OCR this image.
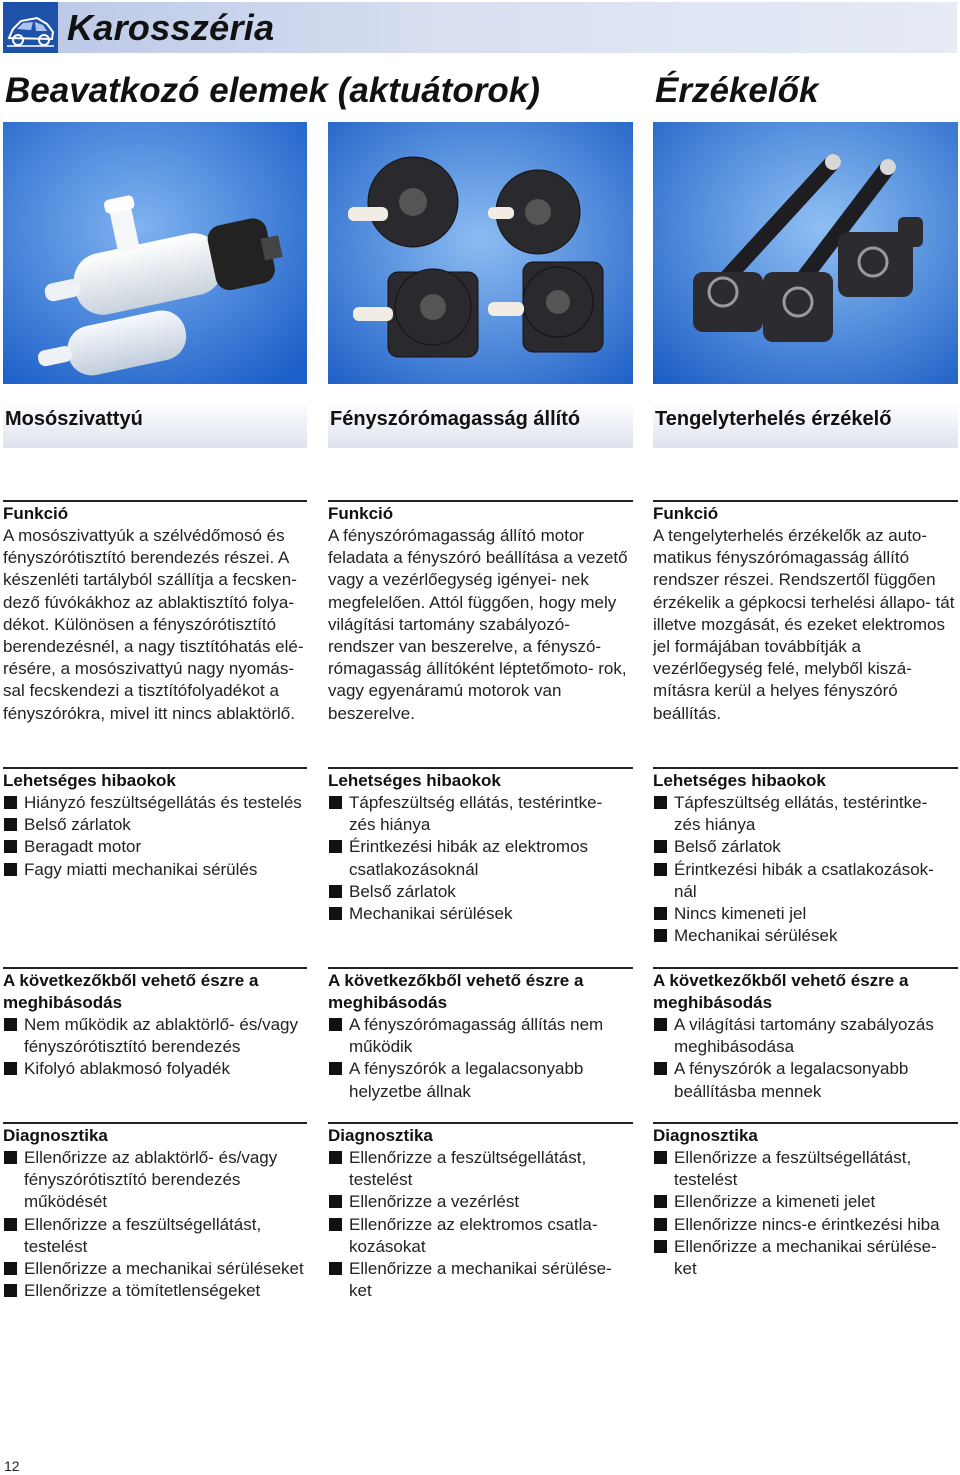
Karosszéria
Beavatkozó elemek (aktuátorok)	Érzékelők
Mosószivattyú
Funkció

A mosószivattyúk a szélvédőmosó és fényszórótisztító berendezés részei. A készenléti tartályból szállítja a fecsken- dező fúvókákhoz az ablaktisztító folya- dékot. Különösen a fényszórótisztító berendezésnél, a nagy tisztítóhatás elé- résére, a mosószivattyú nagy nyomás- sal fecskendezi a tisztítófolyadékot a fényszórókra, mivel itt nincs ablaktörlő.

Lehetséges hibaokok
Hiányzó feszültségellátás és testelés
Belső zárlatok
Beragadt motor
Fagy miatti mechanikai sérülés
A következőkből vehető észre a meghibásodás
Nem működik az ablaktörlő- és/vagy fényszórótisztító berendezés
Kifolyó ablakmosó folyadék
Diagnosztika
Ellenőrizze az ablaktörlő- és/vagy fényszórótisztító berendezés működését
Ellenőrizze a feszültségellátást, testelést
Ellenőrizze a mechanikai sérüléseket
Ellenőrizze a tömítetlenségeket
Fényszórómagasság állító
Funkció

A fényszórómagasság állító motor feladata a fényszóró beállítása a vezető vagy a vezérlőegység igényei- nek megfelelően. Attól függően, hogy mely világítási tartomány szabályozó- rendszer van beszerelve, a fényszó- rómagasság állítóként léptetőmoto- rok, vagy egyenáramú motorok van beszerelve.

Lehetséges hibaokok
Tápfeszültség ellátás, testérintke- zés hiánya
Érintkezési hibák az elektromos csatlakozásoknál
Belső zárlatok
Mechanikai sérülések
A következőkből vehető észre a meghibásodás
A fényszórómagasság állítás nem működik
A fényszórók a legalacsonyabb helyzetbe állnak
Diagnosztika
Ellenőrizze a feszültségellátást, testelést
Ellenőrizze a vezérlést
Ellenőrizze az elektromos csatla- kozásokat
Ellenőrizze a mechanikai sérülése- ket
Tengelyterhelés érzékelő
Funkció

A tengelyterhelés érzékelők az auto- matikus fényszórómagasság állító rendszer részei. Rendszertől függően érzékelik a gépkocsi terhelési állapo- tát illetve mozgását, és ezeket elektromos jel formájában továbbítják a vezérlőegység felé, melyből kiszá- mításra kerül a helyes fényszóró beállítás.

Lehetséges hibaokok
Tápfeszültség ellátás, testérintke- zés hiánya
Belső zárlatok
Érintkezési hibák a csatlakozások- nál
Nincs kimeneti jel
Mechanikai sérülések
A következőkből vehető észre a meghibásodás
A világítási tartomány szabályozás meghibásodása
A fényszórók a legalacsonyabb beállításba mennek
Diagnosztika
Ellenőrizze a feszültségellátást, testelést
Ellenőrizze a kimeneti jelet
Ellenőrizze nincs-e érintkezési hiba
Ellenőrizze a mechanikai sérülése- ket
12
